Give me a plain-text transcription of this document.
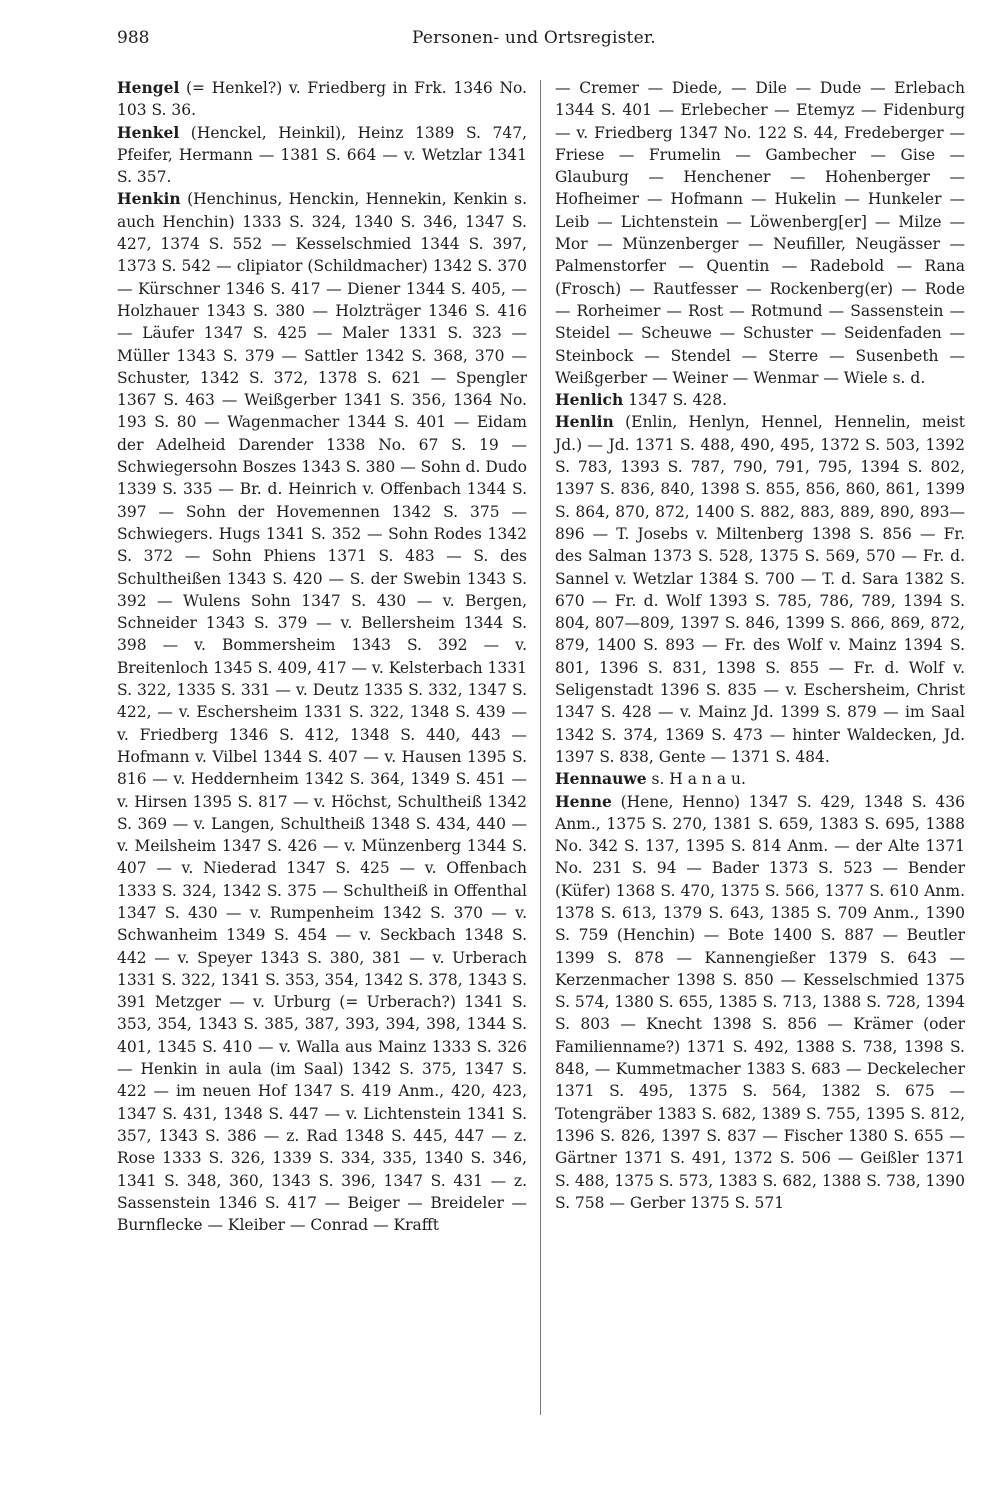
988	Personen- und Ortsregister.

Hengel (= Henkel?) v. Friedberg in Frk. 1346 No. 103 S. 36.

Henkel (Henckel, Heinkil), Heinz 1389 S. 747, Pfeifer, Hermann — 1381 S. 664 — v. Wetzlar 1341 S. 357.

Henkin (Henchinus, Henckin, Hennekin, Kenkin s. auch Henchin) 1333 S. 324, 1340 S. 346, 1347 S. 427, 1374 S. 552 — Kesselschmied 1344 S. 397, 1373 S. 542 — clipiator (Schildmacher) 1342 S. 370 — Kürschner 1346 S. 417 — Diener 1344 S. 405, — Holzhauer 1343 S. 380 — Holzträger 1346 S. 416 — Läufer 1347 S. 425 — Maler 1331 S. 323 — Müller 1343 S. 379 — Sattler 1342 S. 368, 370 — Schuster, 1342 S. 372, 1378 S. 621 — Spengler 1367 S. 463 — Weißgerber 1341 S. 356, 1364 No. 193 S. 80 — Wagenmacher 1344 S. 401 — Eidam der Adelheid Darender 1338 No. 67 S. 19 — Schwiegersohn Boszes 1343 S. 380 — Sohn d. Dudo 1339 S. 335 — Br. d. Heinrich v. Offenbach 1344 S. 397 — Sohn der Hovemennen 1342 S. 375 — Schwiegers. Hugs 1341 S. 352 — Sohn Rodes 1342 S. 372 — Sohn Phiens 1371 S. 483 — S. des Schultheißen 1343 S. 420 — S. der Swebin 1343 S. 392 — Wulens Sohn 1347 S. 430 — v. Bergen, Schneider 1343 S. 379 — v. Bellersheim 1344 S. 398 — v. Bommersheim 1343 S. 392 — v. Breitenloch 1345 S. 409, 417 — v. Kelsterbach 1331 S. 322, 1335 S. 331 — v. Deutz 1335 S. 332, 1347 S. 422, — v. Eschersheim 1331 S. 322, 1348 S. 439 — v. Friedberg 1346 S. 412, 1348 S. 440, 443 — Hofmann v. Vilbel 1344 S. 407 — v. Hausen 1395 S. 816 — v. Heddernheim 1342 S. 364, 1349 S. 451 — v. Hirsen 1395 S. 817 — v. Höchst, Schultheiß 1342 S. 369 — v. Langen, Schultheiß 1348 S. 434, 440 — v. Meilsheim 1347 S. 426 — v. Münzenberg 1344 S. 407 — v. Niederad 1347 S. 425 — v. Offenbach 1333 S. 324, 1342 S. 375 — Schultheiß in Offenthal 1347 S. 430 — v. Rumpenheim 1342 S. 370 — v. Schwanheim 1349 S. 454 — v. Seckbach 1348 S. 442 — v. Speyer 1343 S. 380, 381 — v. Urberach 1331 S. 322, 1341 S. 353, 354, 1342 S. 378, 1343 S. 391 Metzger — v. Urburg (= Urberach?) 1341 S. 353, 354, 1343 S. 385, 387, 393, 394, 398, 1344 S. 401, 1345 S. 410 — v. Walla aus Mainz 1333 S. 326 — Henkin in aula (im Saal) 1342 S. 375, 1347 S. 422 — im neuen Hof 1347 S. 419 Anm., 420, 423, 1347 S. 431, 1348 S. 447 — v. Lichtenstein 1341 S. 357, 1343 S. 386 — z. Rad 1348 S. 445, 447 — z. Rose 1333 S. 326, 1339 S. 334, 335, 1340 S. 346, 1341 S. 348, 360, 1343 S. 396, 1347 S. 431 — z. Sassenstein 1346 S. 417 — Beiger — Breideler — Burnflecke — Kleiber — Conrad — Krafft

— Cremer — Diede, — Dile — Dude — Erlebach 1344 S. 401 — Erlebecher — Etemyz — Fidenburg — v. Friedberg 1347 No. 122 S. 44, Fredeberger — Friese — Frumelin — Gambecher — Gise — Glauburg — Henchener — Hohenberger — Hofheimer — Hofmann — Hukelin — Hunkeler — Leib — Lichtenstein — Löwenberg[er] — Milze — Mor — Münzenberger — Neufiller, Neugässer — Palmenstorfer — Quentin — Radebold — Rana (Frosch) — Rautfesser — Rockenberg(er) — Rode — Rorheimer — Rost — Rotmund — Sassenstein — Steidel — Scheuwe — Schuster — Seidenfaden — Steinbock — Stendel — Sterre — Susenbeth — Weißgerber — Weiner — Wenmar — Wiele s. d.

Henlich 1347 S. 428.

Henlin (Enlin, Henlyn, Hennel, Hennelin, meist Jd.) — Jd. 1371 S. 488, 490, 495, 1372 S. 503, 1392 S. 783, 1393 S. 787, 790, 791, 795, 1394 S. 802, 1397 S. 836, 840, 1398 S. 855, 856, 860, 861, 1399 S. 864, 870, 872, 1400 S. 882, 883, 889, 890, 893—896 — T. Josebs v. Miltenberg 1398 S. 856 — Fr. des Salman 1373 S. 528, 1375 S. 569, 570 — Fr. d. Sannel v. Wetzlar 1384 S. 700 — T. d. Sara 1382 S. 670 — Fr. d. Wolf 1393 S. 785, 786, 789, 1394 S. 804, 807—809, 1397 S. 846, 1399 S. 866, 869, 872, 879, 1400 S. 893 — Fr. des Wolf v. Mainz 1394 S. 801, 1396 S. 831, 1398 S. 855 — Fr. d. Wolf v. Seligenstadt 1396 S. 835 — v. Eschersheim, Christ 1347 S. 428 — v. Mainz Jd. 1399 S. 879 — im Saal 1342 S. 374, 1369 S. 473 — hinter Waldecken, Jd. 1397 S. 838, Gente — 1371 S. 484.

Hennauwe s. H a n a u.

Henne (Hene, Henno) 1347 S. 429, 1348 S. 436 Anm., 1375 S. 270, 1381 S. 659, 1383 S. 695, 1388 No. 342 S. 137, 1395 S. 814 Anm. — der Alte 1371 No. 231 S. 94 — Bader 1373 S. 523 — Bender (Küfer) 1368 S. 470, 1375 S. 566, 1377 S. 610 Anm. 1378 S. 613, 1379 S. 643, 1385 S. 709 Anm., 1390 S. 759 (Henchin) — Bote 1400 S. 887 — Beutler 1399 S. 878 — Kannengießer 1379 S. 643 — Kerzenmacher 1398 S. 850 — Kesselschmied 1375 S. 574, 1380 S. 655, 1385 S. 713, 1388 S. 728, 1394 S. 803 — Knecht 1398 S. 856 — Krämer (oder Familienname?) 1371 S. 492, 1388 S. 738, 1398 S. 848, — Kummetmacher 1383 S. 683 — Deckelecher 1371 S. 495, 1375 S. 564, 1382 S. 675 — Totengräber 1383 S. 682, 1389 S. 755, 1395 S. 812, 1396 S. 826, 1397 S. 837 — Fischer 1380 S. 655 — Gärtner 1371 S. 491, 1372 S. 506 — Geißler 1371 S. 488, 1375 S. 573, 1383 S. 682, 1388 S. 738, 1390 S. 758 — Gerber 1375 S. 571
